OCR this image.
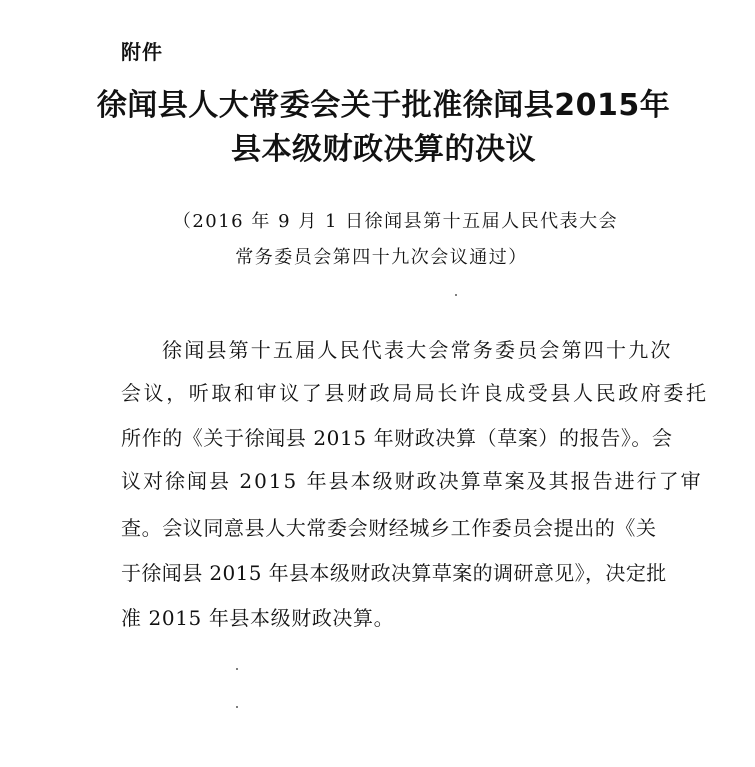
附件
徐闻县人大常委会关于批准徐闻县2015年
县本级财政决算的决议
（2016 年 9 月 1 日徐闻县第十五届人民代表大会
常务委员会第四十九次会议通过）
徐闻县第十五届人民代表大会常务委员会第四十九次
会议，听取和审议了县财政局局长许良成受县人民政府委托
所作的《关于徐闻县 2015 年财政决算（草案）的报告》。会
议对徐闻县 2015 年县本级财政决算草案及其报告进行了审
查。会议同意县人大常委会财经城乡工作委员会提出的《关
于徐闻县 2015 年县本级财政决算草案的调研意见》，决定批
准 2015 年县本级财政决算。
